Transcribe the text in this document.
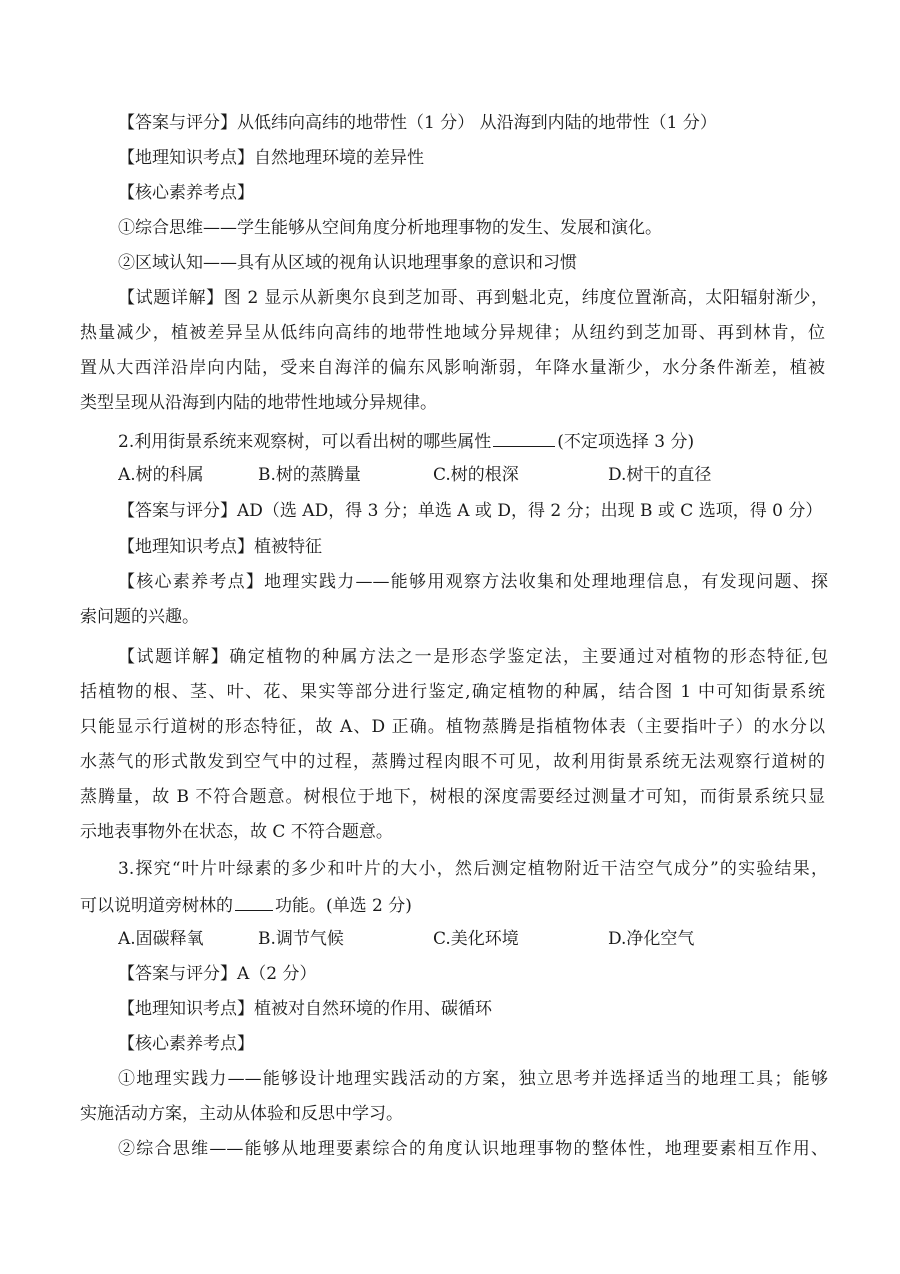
【答案与评分】从低纬向高纬的地带性（1 分） 从沿海到内陆的地带性（1 分）
【地理知识考点】自然地理环境的差异性
【核心素养考点】
①综合思维——学生能够从空间角度分析地理事物的发生、发展和演化。
②区域认知——具有从区域的视角认识地理事象的意识和习惯
【试题详解】图 2 显示从新奥尔良到芝加哥、再到魁北克，纬度位置渐高，太阳辐射渐少，
热量减少，植被差异呈从低纬向高纬的地带性地域分异规律；从纽约到芝加哥、再到林肯，位
置从大西洋沿岸向内陆，受来自海洋的偏东风影响渐弱，年降水量渐少，水分条件渐差，植被
类型呈现从沿海到内陆的地带性地域分异规律。
2.利用街景系统来观察树，可以看出树的哪些属性	(不定项选择 3 分)
A.树的科属	B.树的蒸腾量	C.树的根深	D.树干的直径
【答案与评分】AD（选 AD，得 3 分；单选 A 或 D，得 2 分；出现 B 或 C 选项，得 0 分）
【地理知识考点】植被特征
【核心素养考点】地理实践力——能够用观察方法收集和处理地理信息，有发现问题、探
索问题的兴趣。
【试题详解】确定植物的种属方法之一是形态学鉴定法，主要通过对植物的形态特征,包
括植物的根、茎、叶、花、果实等部分进行鉴定,确定植物的种属，结合图 1 中可知街景系统
只能显示行道树的形态特征，故 A、D 正确。植物蒸腾是指植物体表（主要指叶子）的水分以
水蒸气的形式散发到空气中的过程，蒸腾过程肉眼不可见，故利用街景系统无法观察行道树的
蒸腾量，故 B 不符合题意。树根位于地下，树根的深度需要经过测量才可知，而街景系统只显
示地表事物外在状态，故 C 不符合题意。
3.探究“叶片叶绿素的多少和叶片的大小，然后测定植物附近干洁空气成分”的实验结果，
可以说明道旁树林的 功能。(单选 2 分)
A.固碳释氧	B.调节气候	C.美化环境	D.净化空气
【答案与评分】A（2 分）
【地理知识考点】植被对自然环境的作用、碳循环
【核心素养考点】
①地理实践力——能够设计地理实践活动的方案，独立思考并选择适当的地理工具；能够
实施活动方案，主动从体验和反思中学习。
②综合思维——能够从地理要素综合的角度认识地理事物的整体性，地理要素相互作用、
